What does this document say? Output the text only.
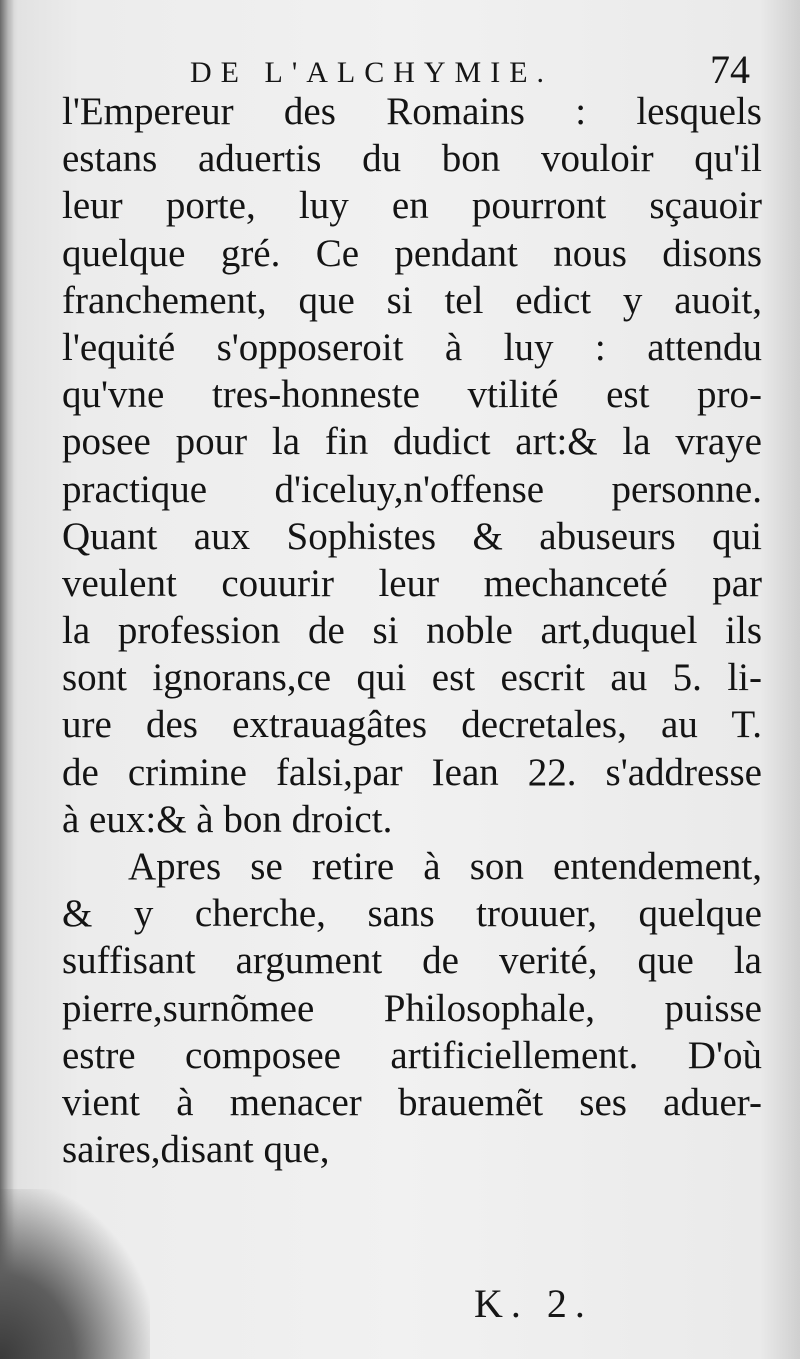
DE L'ALCHYMIE.	74
l'Empereur des Romains : lesquels
estans aduertis du bon vouloir qu'il
leur porte, luy en pourront sçauoir
quelque gré. Ce pendant nous disons
franchement, que si tel edict y auoit,
l'equité s'opposeroit à luy : attendu
qu'vne tres-honneste vtilité est pro-
posee pour la fin dudict art:& la vraye
practique d'iceluy,n'offense personne.
Quant aux Sophistes & abuseurs qui
veulent couurir leur mechanceté par
la profession de si noble art,duquel ils
sont ignorans,ce qui est escrit au 5. li-
ure des extrauagâtes decretales, au T.
de crimine falsi,par Iean 22. s'addresse
à eux:& à bon droict.
Apres se retire à son entendement,
& y cherche, sans trouuer, quelque
suffisant argument de verité, que la
pierre,surnõmee Philosophale, puisse
estre composee artificiellement. D'où
vient à menacer brauemẽt ses aduer-
saires,disant que,
K. 2.
